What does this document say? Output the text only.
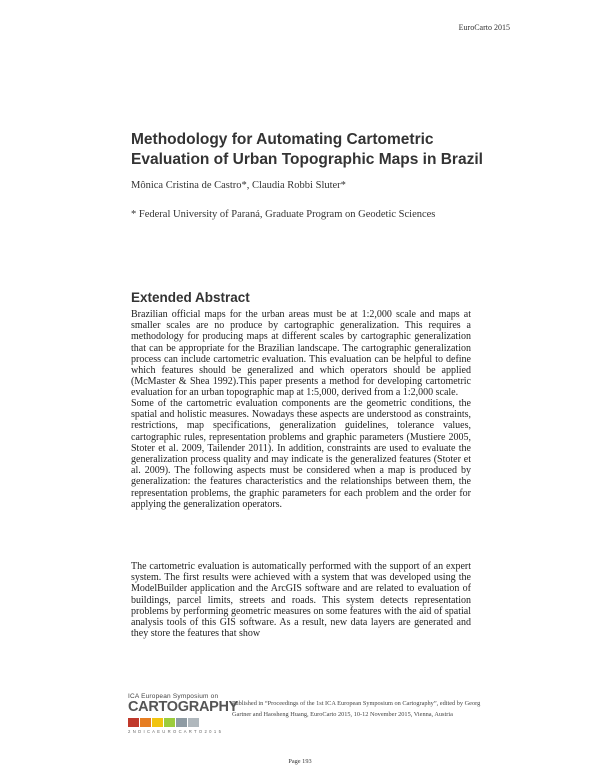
EuroCarto 2015
Methodology for Automating Cartometric Evaluation of Urban Topographic Maps in Brazil
Mônica Cristina de Castro*, Claudia Robbi Sluter*
* Federal University of Paraná, Graduate Program on Geodetic Sciences
Extended Abstract
Brazilian official maps for the urban areas must be at 1:2,000 scale and maps at smaller scales are no produce by cartographic generalization. This requires a methodology for producing maps at different scales by cartographic generalization that can be appropriate for the Brazilian landscape. The cartographic generalization process can include cartometric evaluation. This evaluation can be helpful to define which features should be generalized and which operators should be applied (McMaster & Shea 1992).This paper presents a method for developing cartometric evaluation for an urban topographic map at 1:5,000, derived from a 1:2,000 scale.
Some of the cartometric evaluation components are the geometric conditions, the spatial and holistic measures. Nowadays these aspects are understood as constraints, restrictions, map specifications, generalization guidelines, tolerance values, cartographic rules, representation problems and graphic parameters (Mustiere 2005, Stoter et al. 2009, Tailender 2011). In addition, constraints are used to evaluate the generalization process quality and may indicate is the generalized features (Stoter et al. 2009). The following aspects must be considered when a map is produced by generalization: the features characteristics and the relationships between them, the representation problems, the graphic parameters for each problem and the order for applying the generalization operators.
The cartometric evaluation is automatically performed with the support of an expert system. The first results were achieved with a system that was developed using the ModelBuilder application and the ArcGIS software and are related to evaluation of buildings, parcel limits, streets and roads. This system detects representation problems by performing geometric measures on some features with the aid of spatial analysis tools of this GIS software. As a result, new data layers are generated and they store the features that show
ICA European Symposium on
CARTOGRAPHY
2 N D I C A E U R O C A R T O 2 0 1 5
Published in “Proceedings of the 1st ICA European Symposium on Cartography”, edited by Georg Gartner and Haosheng Huang, EuroCarto 2015, 10-12 November 2015, Vienna, Austria
Page 193
